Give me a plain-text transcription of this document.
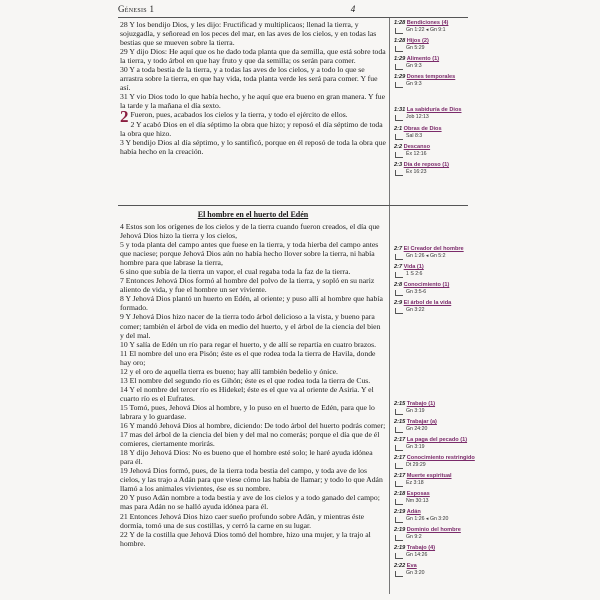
Génesis 1	4

28 Y los bendijo Dios, y les dijo: Fructificad y multiplicaos; llenad la tierra, y sojuzgadla, y señoread en los peces del mar, en las aves de los cielos, y en todas las bestias que se mueven sobre la tierra.

29 Y dijo Dios: He aquí que os he dado toda planta que da semilla, que está sobre toda la tierra, y todo árbol en que hay fruto y que da semilla; os serán para comer.

30 Y a toda bestia de la tierra, y a todas las aves de los cielos, y a todo lo que se arrastra sobre la tierra, en que hay vida, toda planta verde les será para comer. Y fue así.

31 Y vio Dios todo lo que había hecho, y he aquí que era bueno en gran manera. Y fue la tarde y la mañana el día sexto.

2 Fueron, pues, acabados los cielos y la tierra, y todo el ejército de ellos.

2 Y acabó Dios en el día séptimo la obra que hizo; y reposó el día séptimo de toda la obra que hizo.

3 Y bendijo Dios al día séptimo, y lo santificó, porque en él reposó de toda la obra que había hecho en la creación.

El hombre en el huerto del Edén

4 Estos son los orígenes de los cielos y de la tierra cuando fueron creados, el día que Jehová Dios hizo la tierra y los cielos,

5 y toda planta del campo antes que fuese en la tierra, y toda hierba del campo antes que naciese; porque Jehová Dios aún no había hecho llover sobre la tierra, ni había hombre para que labrase la tierra,

6 sino que subía de la tierra un vapor, el cual regaba toda la faz de la tierra.

7 Entonces Jehová Dios formó al hombre del polvo de la tierra, y sopló en su nariz aliento de vida, y fue el hombre un ser viviente.

8 Y Jehová Dios plantó un huerto en Edén, al oriente; y puso allí al hombre que había formado.

9 Y Jehová Dios hizo nacer de la tierra todo árbol delicioso a la vista, y bueno para comer; también el árbol de vida en medio del huerto, y el árbol de la ciencia del bien y del mal.

10 Y salía de Edén un río para regar el huerto, y de allí se repartía en cuatro brazos.

11 El nombre del uno era Pisón; éste es el que rodea toda la tierra de Havila, donde hay oro;

12 y el oro de aquella tierra es bueno; hay allí también bedelio y ónice.

13 El nombre del segundo río es Gihón; éste es el que rodea toda la tierra de Cus.

14 Y el nombre del tercer río es Hidekel; éste es el que va al oriente de Asiria. Y el cuarto río es el Eufrates.

15 Tomó, pues, Jehová Dios al hombre, y lo puso en el huerto de Edén, para que lo labrara y lo guardase.

16 Y mandó Jehová Dios al hombre, diciendo: De todo árbol del huerto podrás comer;

17 mas del árbol de la ciencia del bien y del mal no comerás; porque el día que de él comieres, ciertamente morirás.

18 Y dijo Jehová Dios: No es bueno que el hombre esté solo; le haré ayuda idónea para él.

19 Jehová Dios formó, pues, de la tierra toda bestia del campo, y toda ave de los cielos, y las trajo a Adán para que viese cómo las había de llamar; y todo lo que Adán llamó a los animales vivientes, ése es su nombre.

20 Y puso Adán nombre a toda bestia y ave de los cielos y a todo ganado del campo; mas para Adán no se halló ayuda idónea para él.

21 Entonces Jehová Dios hizo caer sueño profundo sobre Adán, y mientras éste dormía, tomó una de sus costillas, y cerró la carne en su lugar.

22 Y de la costilla que Jehová Dios tomó del hombre, hizo una mujer, y la trajo al hombre.

1:28 Bendiciones (4)
Gn 1:22 ◂ Gn 9:1
1:28 Hijos (2)
Gn 5:29
1:29 Alimento (1)
Gn 9:3
1:29 Dones temporales
Gn 9:3
1:31 La sabiduría de Dios
Job 12:13
2:1 Obras de Dios
Sal 8:3
2:2 Descanso
Éx 12:16
2:3 Día de reposo (1)
Éx 16:23
2:7 El Creador del hombre
Gn 1:26 ◂ Gn 5:2
2:7 Vida (1)
1 S 2:6
2:8 Conocimiento (1)
Gn 3:5-6
2:9 El árbol de la vida
Gn 3:22
2:15 Trabajo (1)
Gn 3:19
2:15 Trabajar (a)
Gn 24:20
2:17 La paga del pecado (1)
Gn 3:19
2:17 Conocimiento restringido
Dt 29:29
2:17 Muerte espiritual
Ez 3:18
2:18 Esposas
Nm 30:13
2:19 Adán
Gn 1:26 ◂ Gn 3:20
2:19 Dominio del hombre
Gn 9:2
2:19 Trabajo (4)
Gn 14:26
2:22 Eva
Gn 3:20
